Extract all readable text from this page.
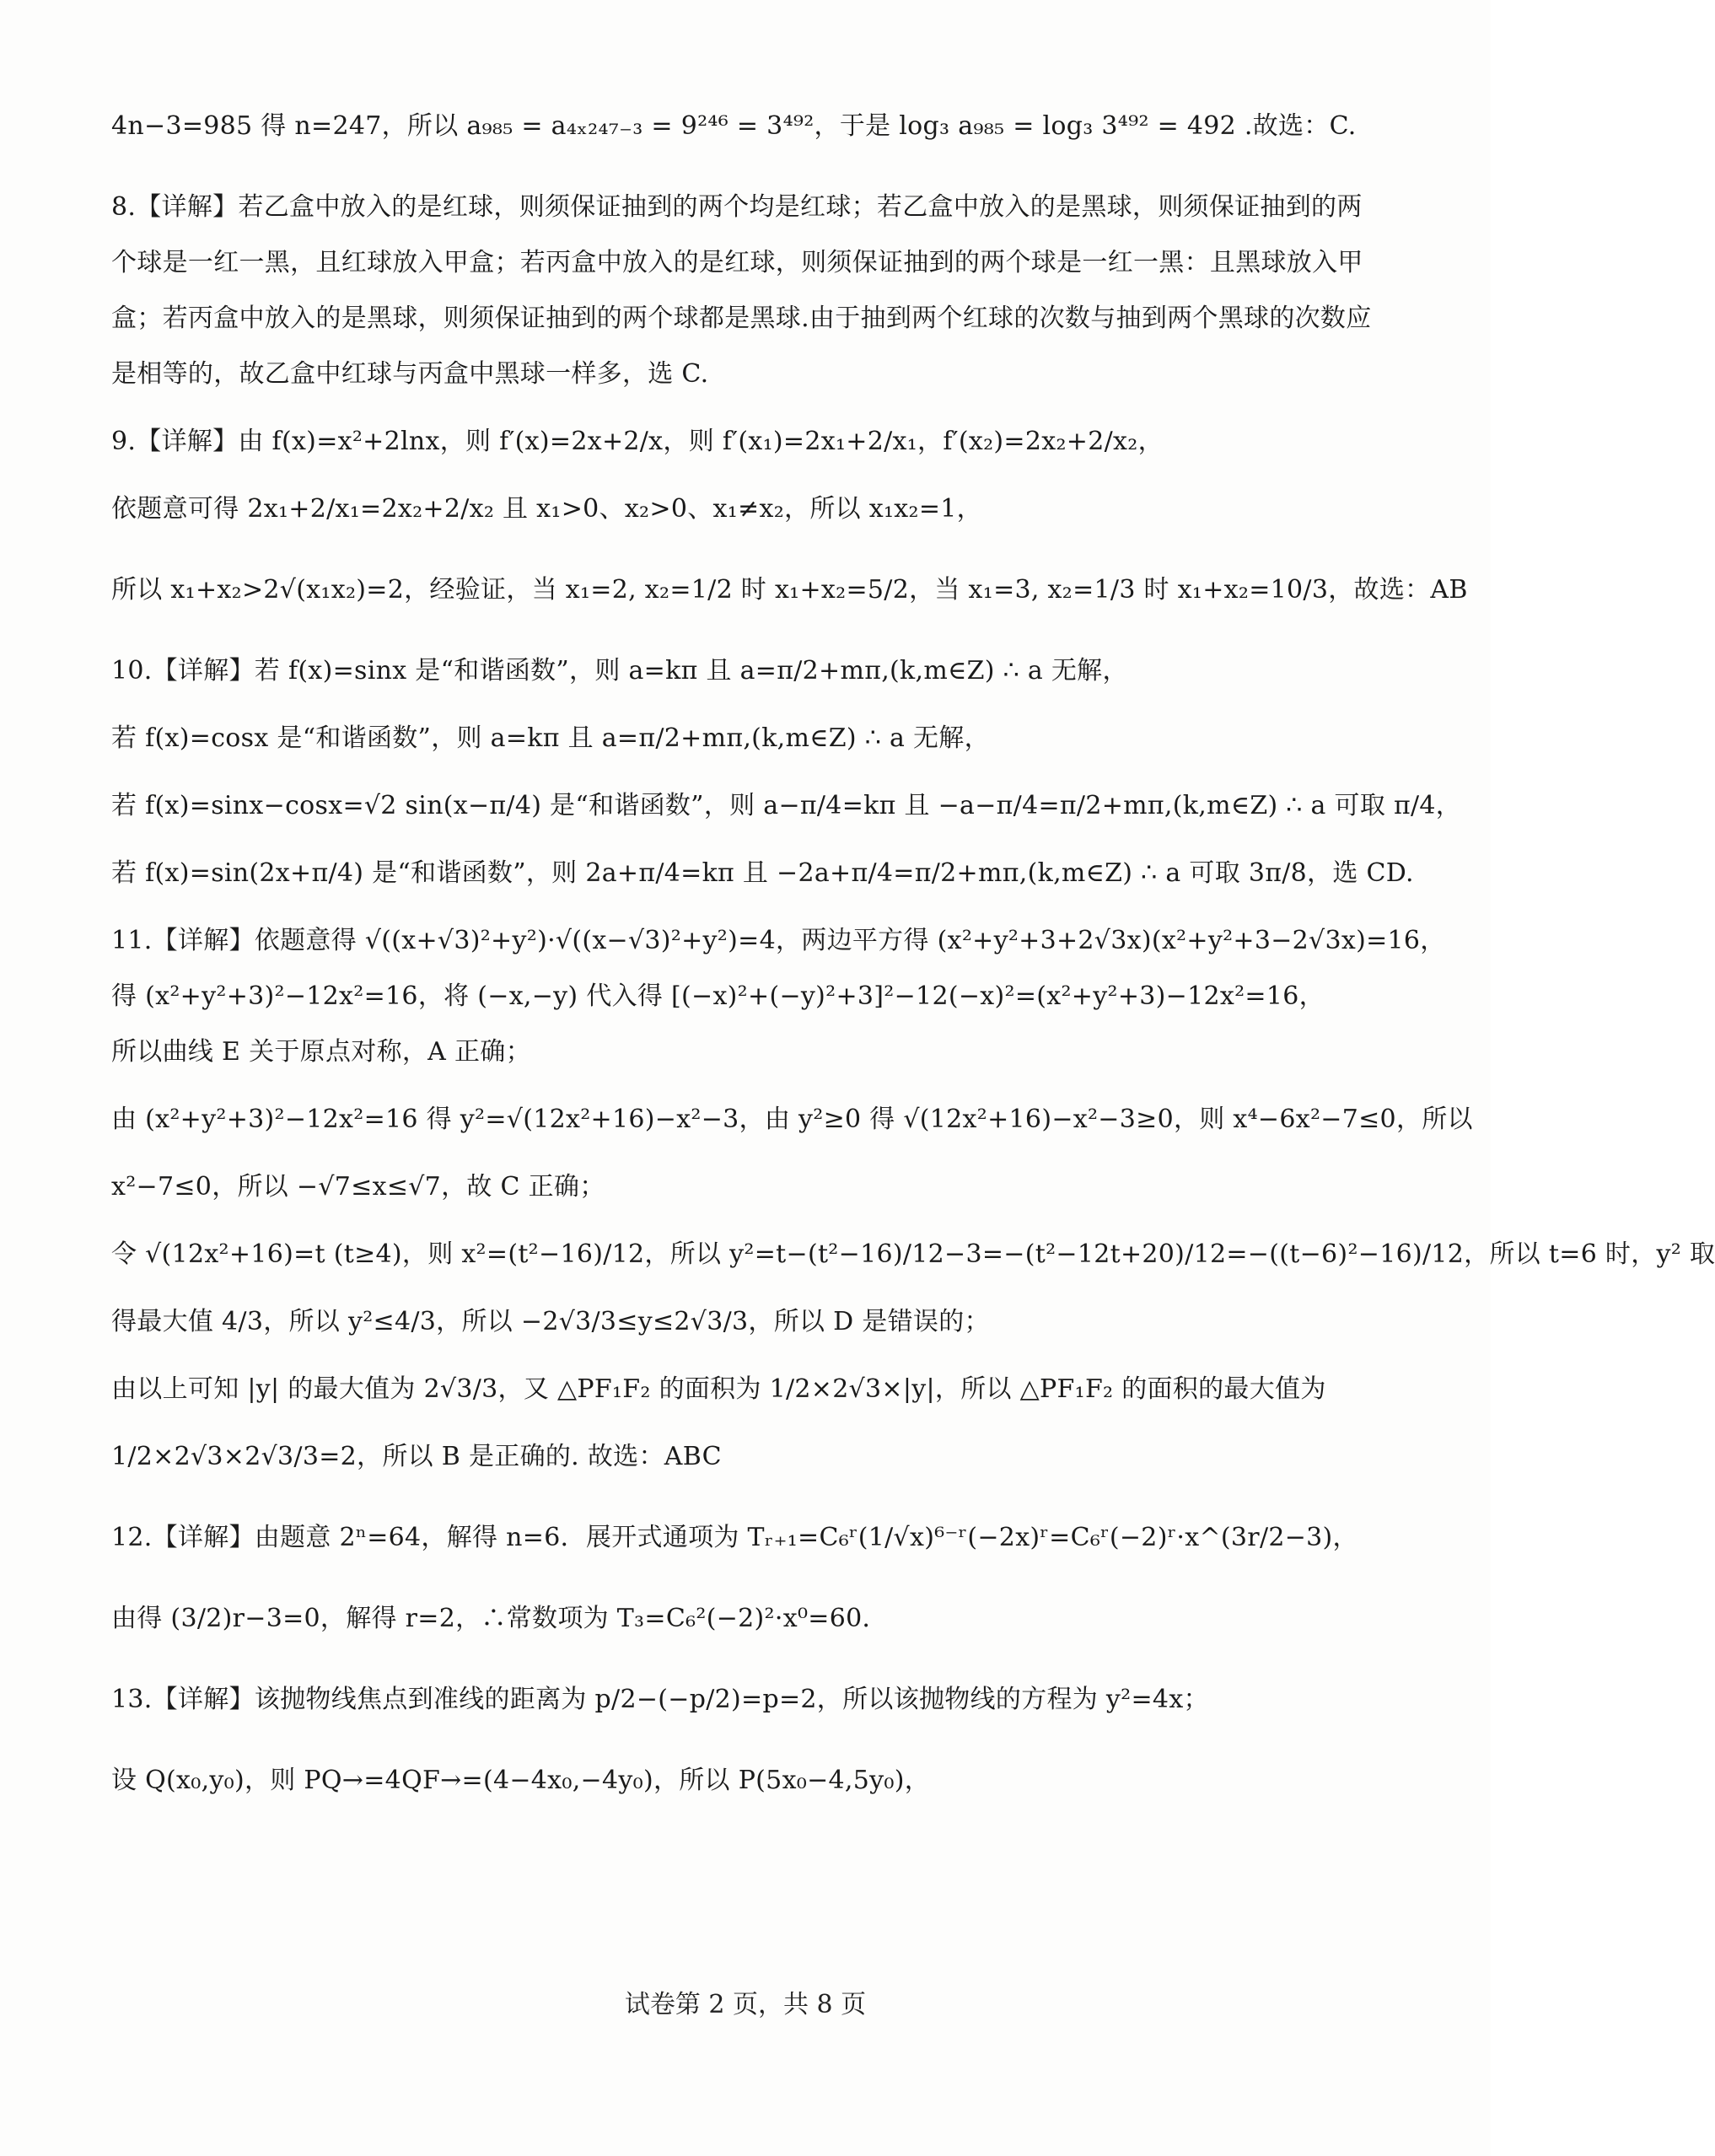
4n−3=985 得 n=247，所以 a₉₈₅ = a₄ₓ₂₄₇₋₃ = 9²⁴⁶ = 3⁴⁹²，于是 log₃ a₉₈₅ = log₃ 3⁴⁹² = 492 .故选：C.

8.【详解】若乙盒中放入的是红球，则须保证抽到的两个均是红球；若乙盒中放入的是黑球，则须保证抽到的两

个球是一红一黑，且红球放入甲盒；若丙盒中放入的是红球，则须保证抽到的两个球是一红一黑：且黑球放入甲

盒；若丙盒中放入的是黑球，则须保证抽到的两个球都是黑球.由于抽到两个红球的次数与抽到两个黑球的次数应

是相等的，故乙盒中红球与丙盒中黑球一样多，选 C.

9.【详解】由 f(x)=x²+2lnx，则 f′(x)=2x+2/x，则 f′(x₁)=2x₁+2/x₁，f′(x₂)=2x₂+2/x₂，

依题意可得 2x₁+2/x₁=2x₂+2/x₂ 且 x₁>0、x₂>0、x₁≠x₂，所以 x₁x₂=1，

所以 x₁+x₂>2√(x₁x₂)=2，经验证，当 x₁=2, x₂=1/2 时 x₁+x₂=5/2，当 x₁=3, x₂=1/3 时 x₁+x₂=10/3，故选：AB

10.【详解】若 f(x)=sinx 是“和谐函数”，则 a=kπ 且 a=π/2+mπ,(k,m∈Z) ∴ a 无解，

若 f(x)=cosx 是“和谐函数”，则 a=kπ 且 a=π/2+mπ,(k,m∈Z) ∴ a 无解，

若 f(x)=sinx−cosx=√2 sin(x−π/4) 是“和谐函数”，则 a−π/4=kπ 且 −a−π/4=π/2+mπ,(k,m∈Z) ∴ a 可取 π/4，

若 f(x)=sin(2x+π/4) 是“和谐函数”，则 2a+π/4=kπ 且 −2a+π/4=π/2+mπ,(k,m∈Z) ∴ a 可取 3π/8，选 CD.

11.【详解】依题意得 √((x+√3)²+y²)·√((x−√3)²+y²)=4，两边平方得 (x²+y²+3+2√3x)(x²+y²+3−2√3x)=16，

得 (x²+y²+3)²−12x²=16，将 (−x,−y) 代入得 [(−x)²+(−y)²+3]²−12(−x)²=(x²+y²+3)−12x²=16，

所以曲线 E 关于原点对称，A 正确；

由 (x²+y²+3)²−12x²=16 得 y²=√(12x²+16)−x²−3，由 y²≥0 得 √(12x²+16)−x²−3≥0，则 x⁴−6x²−7≤0，所以

x²−7≤0，所以 −√7≤x≤√7，故 C 正确；

令 √(12x²+16)=t (t≥4)，则 x²=(t²−16)/12，所以 y²=t−(t²−16)/12−3=−(t²−12t+20)/12=−((t−6)²−16)/12，所以 t=6 时，y² 取

得最大值 4/3，所以 y²≤4/3，所以 −2√3/3≤y≤2√3/3，所以 D 是错误的；

由以上可知 |y| 的最大值为 2√3/3，又 △PF₁F₂ 的面积为 1/2×2√3×|y|，所以 △PF₁F₂ 的面积的最大值为

1/2×2√3×2√3/3=2，所以 B 是正确的. 故选：ABC

12.【详解】由题意 2ⁿ=64，解得 n=6．展开式通项为 Tᵣ₊₁=C₆ʳ(1/√x)⁶⁻ʳ(−2x)ʳ=C₆ʳ(−2)ʳ·x^(3r/2−3)，

由得 (3/2)r−3=0，解得 r=2，∴常数项为 T₃=C₆²(−2)²·x⁰=60．

13.【详解】该抛物线焦点到准线的距离为 p/2−(−p/2)=p=2，所以该抛物线的方程为 y²=4x；

设 Q(x₀,y₀)，则 PQ→=4QF→=(4−4x₀,−4y₀)，所以 P(5x₀−4,5y₀)，

试卷第 2 页，共 8 页
